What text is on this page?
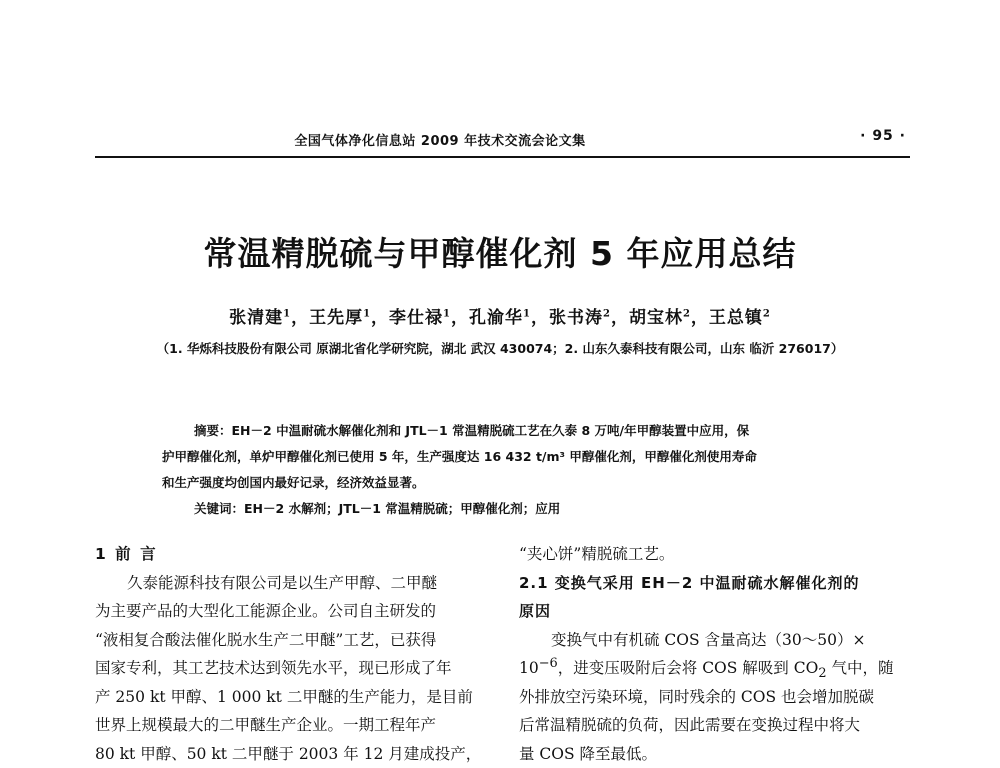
全国气体净化信息站 2009 年技术交流会论文集	· 95 ·
常温精脱硫与甲醇催化剂 5 年应用总结
张清建$^1$，王先厚$^1$，李仕禄$^1$，孔渝华$^1$，张书涛$^2$，胡宝林$^2$，王总镇$^2$
（1. 华烁科技股份有限公司 原湖北省化学研究院，湖北 武汉 430074；2. 山东久泰科技有限公司，山东 临沂 276017）

摘要：EH－2 中温耐硫水解催化剂和 JTL－1 常温精脱硫工艺在久泰 8 万吨/年甲醇装置中应用，保

护甲醇催化剂，单炉甲醇催化剂已使用 5 年，生产强度达 16 432 t/m³ 甲醇催化剂，甲醇催化剂使用寿命

和生产强度均创国内最好记录，经济效益显著。

关键词：EH－2 水解剂；JTL－1 常温精脱硫；甲醇催化剂；应用

1 前 言

久泰能源科技有限公司是以生产甲醇、二甲醚

为主要产品的大型化工能源企业。公司自主研发的

“液相复合酸法催化脱水生产二甲醚”工艺，已获得

国家专利，其工艺技术达到领先水平，现已形成了年

产 250 kt 甲醇、1 000 kt 二甲醚的生产能力，是目前

世界上规模最大的二甲醚生产企业。一期工程年产

80 kt 甲醇、50 kt 二甲醚于 2003 年 12 月建成投产，

“夹心饼”精脱硫工艺。

2.1 变换气采用 EH－2 中温耐硫水解催化剂的

原因

变换气中有机硫 COS 含量高达（30～50）×

$10^{-6}$，进变压吸附后会将 COS 解吸到 $CO_2$ 气中，随

外排放空污染环境，同时残余的 COS 也会增加脱碳

后常温精脱硫的负荷，因此需要在变换过程中将大

量 COS 降至最低。
